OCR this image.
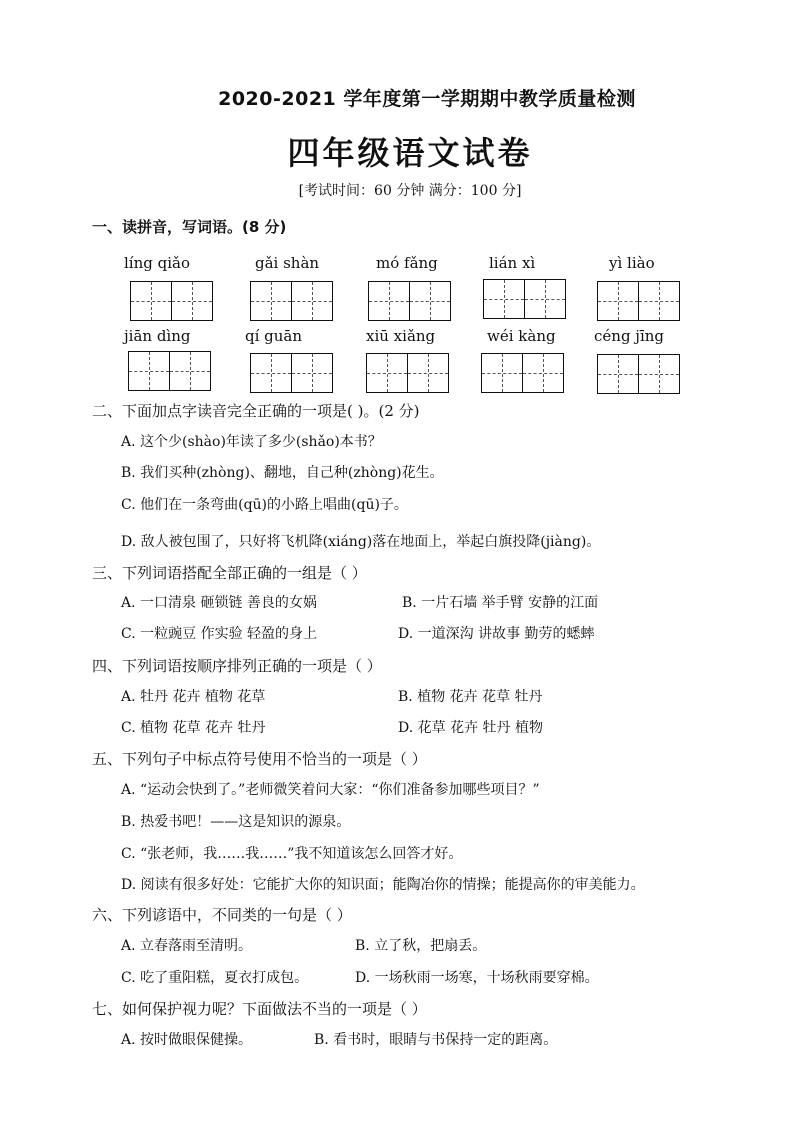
2020-2021 学年度第一学期期中教学质量检测
四年级语文试卷
[考试时间：60 分钟 满分：100 分]
一、读拼音，写词语。(8 分)
líng qiǎo	gǎi shàn	mó fǎng	lián xì	yì liào
jiān dìng	qí guān	xiū xiǎng	wéi kàng	céng jīng
二、下面加点字读音完全正确的一项是( )。(2 分)
A. 这个少(shào)年读了多少(shǎo)本书？
B. 我们买种(zhòng)、翻地，自己种(zhòng)花生。
C. 他们在一条弯曲(qū)的小路上唱曲(qū)子。
D. 敌人被包围了，只好将飞机降(xiáng)落在地面上，举起白旗投降(jiàng)。
三、下列词语搭配全部正确的一组是（ ）
A. 一口清泉 砸锁链 善良的女娲	B. 一片石墙 举手臂 安静的江面
C. 一粒豌豆 作实验 轻盈的身上	D. 一道深沟 讲故事 勤劳的蟋蟀
四、下列词语按顺序排列正确的一项是（ ）
A. 牡丹 花卉 植物 花草	B. 植物 花卉 花草 牡丹
C. 植物 花草 花卉 牡丹	D. 花草 花卉 牡丹 植物
五、下列句子中标点符号使用不恰当的一项是（ ）
A. “运动会快到了。”老师微笑着问大家：“你们准备参加哪些项目？”
B. 热爱书吧！——这是知识的源泉。
C. “张老师，我……我……”我不知道该怎么回答才好。
D. 阅读有很多好处：它能扩大你的知识面；能陶冶你的情操；能提高你的审美能力。
六、下列谚语中，不同类的一句是（ ）
A. 立春落雨至清明。	B. 立了秋，把扇丢。
C. 吃了重阳糕，夏衣打成包。	D. 一场秋雨一场寒，十场秋雨要穿棉。
七、如何保护视力呢？下面做法不当的一项是（ ）
A. 按时做眼保健操。	B. 看书时，眼睛与书保持一定的距离。
